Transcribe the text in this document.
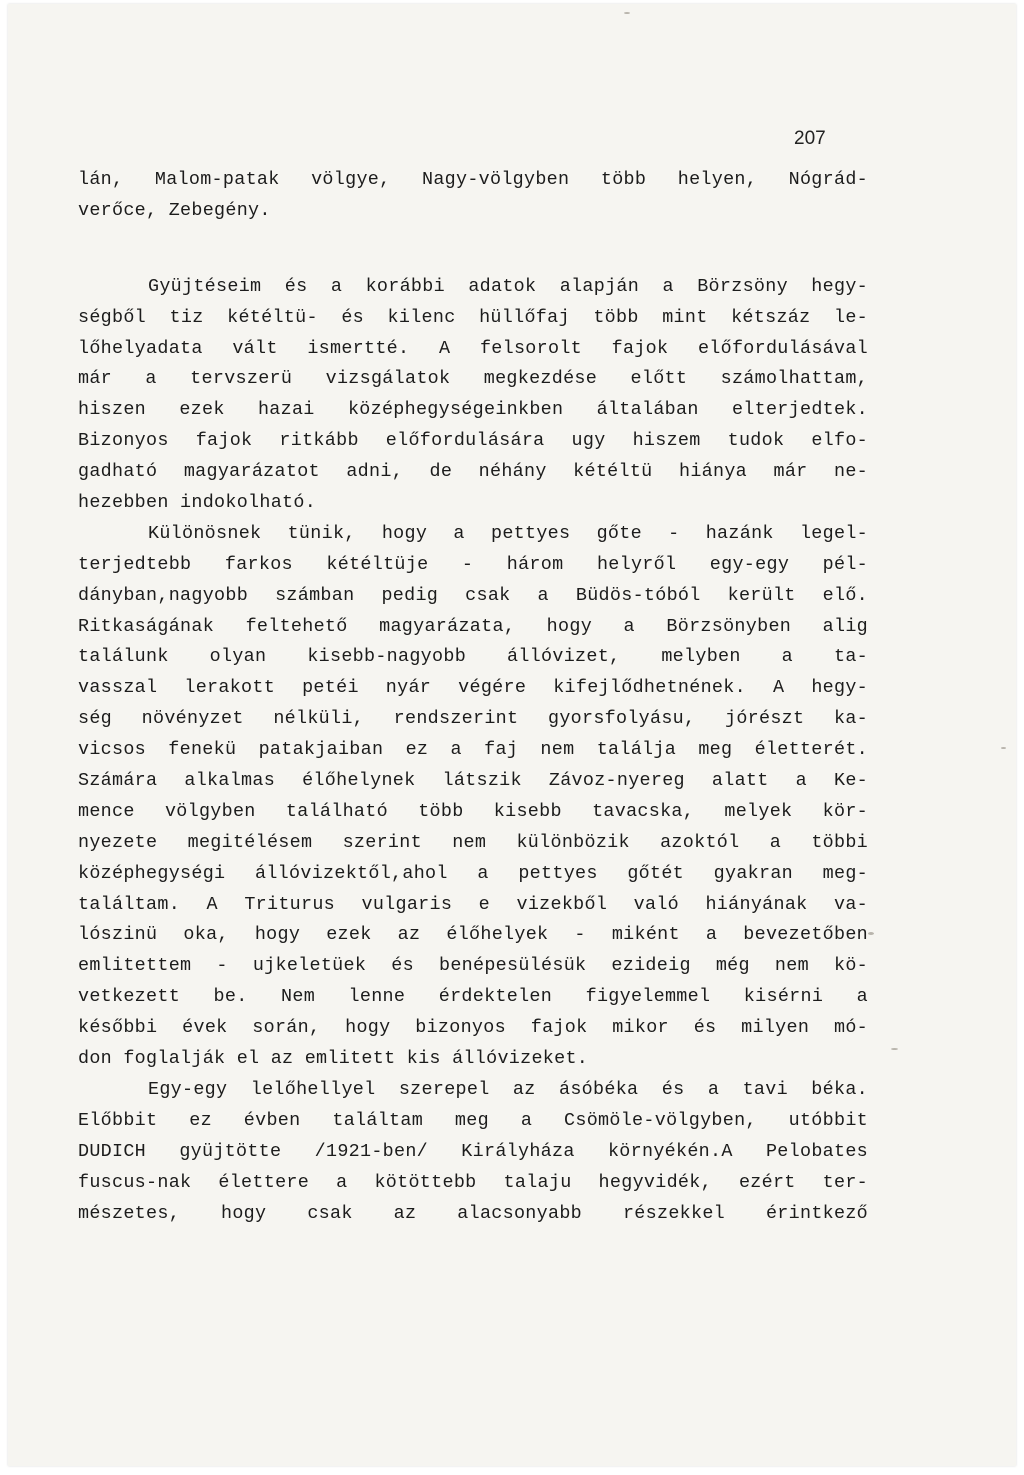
207
lán, Malom-patak völgye, Nagy-völgyben több helyen, Nógrád-
verőce, Zebegény.
Gyüjtéseim és a korábbi adatok alapján a Börzsöny hegy-
ségből tiz kétéltü- és kilenc hüllőfaj több mint kétszáz le-
lőhelyadata vált ismertté. A felsorolt fajok előfordulásával
már a tervszerü vizsgálatok megkezdése előtt számolhattam,
hiszen ezek hazai középhegységeinkben általában elterjedtek.
Bizonyos fajok ritkább előfordulására ugy hiszem tudok elfo-
gadható magyarázatot adni, de néhány kétéltü hiánya már ne-
hezebben indokolható.
Különösnek tünik, hogy a pettyes gőte - hazánk legel-
terjedtebb farkos kétéltüje - három helyről egy-egy pél-
dányban,nagyobb számban pedig csak a Büdös-tóból került elő.
Ritkaságának feltehető magyarázata, hogy a Börzsönyben alig
találunk olyan kisebb-nagyobb állóvizet, melyben a ta-
vasszal lerakott petéi nyár végére kifejlődhetnének. A hegy-
ség növényzet nélküli, rendszerint gyorsfolyásu, jórészt ka-
vicsos fenekü patakjaiban ez a faj nem találja meg életterét.
Számára alkalmas élőhelynek látszik Závoz-nyereg alatt a Ke-
mence völgyben található több kisebb tavacska, melyek kör-
nyezete megitélésem szerint nem különbözik azoktól a többi
középhegységi állóvizektől,ahol a pettyes gőtét gyakran meg-
találtam. A Triturus vulgaris e vizekből való hiányának va-
lószinü oka, hogy ezek az élőhelyek - miként a bevezetőben
emlitettem - ujkeletüek és benépesülésük ezideig még nem kö-
vetkezett be. Nem lenne érdektelen figyelemmel kisérni a
későbbi évek során, hogy bizonyos fajok mikor és milyen mó-
don foglalják el az emlitett kis állóvizeket.
Egy-egy lelőhellyel szerepel az ásóbéka és a tavi béka.
Előbbit ez évben találtam meg a Csömöle-völgyben, utóbbit
DUDICH gyüjtötte /1921-ben/ Királyháza környékén.A Pelobates
fuscus-nak élettere a kötöttebb talaju hegyvidék, ezért ter-
mészetes, hogy csak az alacsonyabb részekkel érintkező
